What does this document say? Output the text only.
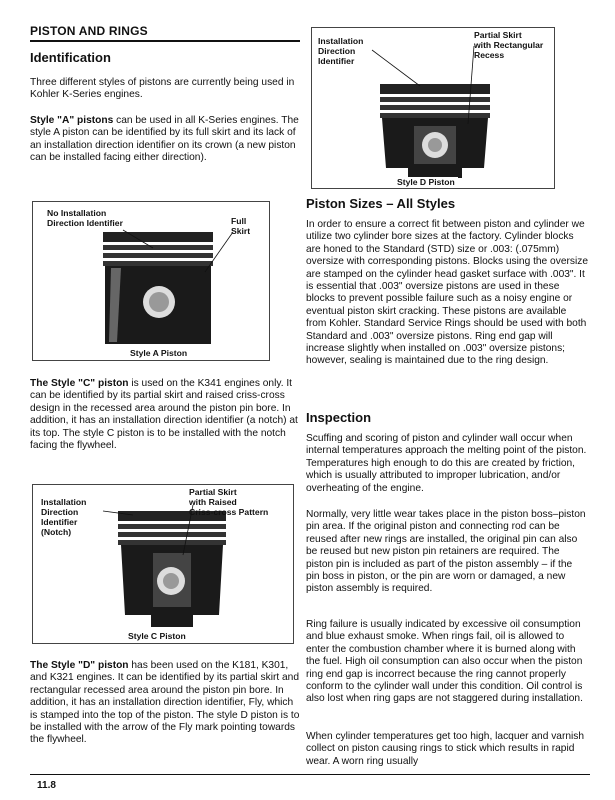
PISTON AND RINGS
Identification

Three different styles of pistons are currently being used in Kohler K-Series engines.

Style "A" pistons can be used in all K-Series engines. The style A piston can be identified by its full skirt and its lack of an installation direction identifier on its crown (a new piston can be installed facing either direction).

No Installation
Direction Identifier	Full
Skirt
Style A Piston

The Style "C" piston is used on the K341 engines only. It can be identified by its partial skirt and raised criss-cross design in the recessed area around the piston pin bore. In addition, it has an installation direction identifier (a notch) at its top. The style C piston is to be installed with the notch facing the flywheel.

Installation
Direction
Identifier
(Notch)
Partial Skirt
with Raised
Criss-cross Pattern
Style C Piston

The Style "D" piston has been used on the K181, K301, and K321 engines. It can be identified by its partial skirt and rectangular recessed area around the piston pin bore. In addition, it has an installation direction identifier, Fly, which is stamped into the top of the piston. The style D piston is to be installed with the arrow of the Fly mark pointing towards the flywheel.

Installation
Direction
Identifier
Partial Skirt
with Rectangular
Recess
Style D Piston
Piston Sizes – All Styles

In order to ensure a correct fit between piston and cylinder we utilize two cylinder bore sizes at the factory. Cylinder blocks are honed to the Standard (STD) size or .003: (.075mm) oversize with corresponding pistons. Blocks using the oversize are stamped on the cylinder head gasket surface with .003". It is essential that .003" oversize pistons are used in these blocks to prevent possible failure such as a noisy engine or eventual piston skirt cracking. These pistons are available from Kohler. Standard Service Rings should be used with both Standard and .003" oversize pistons. Ring end gap will increase slightly when installed on .003" oversize pistons; however, sealing is maintained due to the ring design.

Inspection

Scuffing and scoring of piston and cylinder wall occur when internal temperatures approach the melting point of the piston. Temperatures high enough to do this are created by friction, which is usually attributed to improper lubrication, and/or overheating of the engine.

Normally, very little wear takes place in the piston boss–piston pin area. If the original piston and connecting rod can be reused after new rings are installed, the original pin can also be reused but new piston pin retainers are required. The piston pin is included as part of the piston assembly – if the pin boss in piston, or the pin are worn or damaged, a new piston assembly is required.

Ring failure is usually indicated by excessive oil consumption and blue exhaust smoke. When rings fail, oil is allowed to enter the combustion chamber where it is burned along with the fuel. High oil consumption can also occur when the piston ring end gap is incorrect because the ring cannot properly conform to the cylinder wall under this condition. Oil control is also lost when ring gaps are not staggered during installation.

When cylinder temperatures get too high, lacquer and varnish collect on piston causing rings to stick which results in rapid wear. A worn ring usually

11.8
